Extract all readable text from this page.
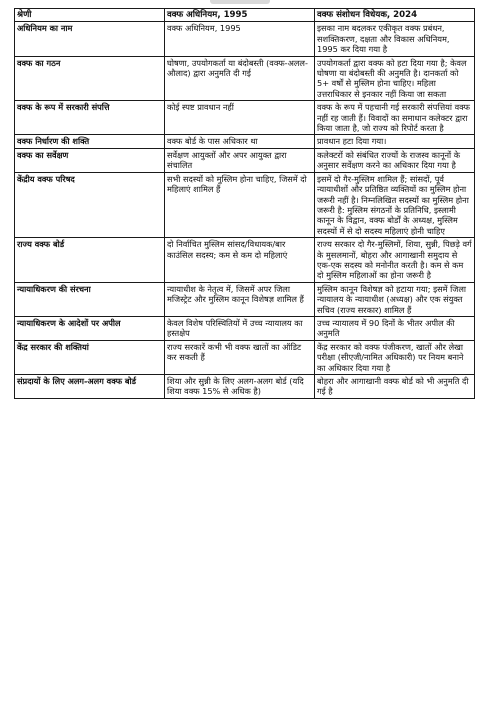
श्रेणी	वक्फ अधिनियम, 1995	वक्फ संशोधन विधेयक, 2024
अधिनियम का नाम	वक्फ अधिनियम, 1995	इसका नाम बदलकर एकीकृत वक्फ प्रबंधन, सशक्तिकरण, दक्षता और विकास अधिनियम, 1995 कर दिया गया है
वक्फ का गठन	घोषणा, उपयोगकर्ता या बंदोबस्ती (वक्फ-अलल-औलाद) द्वारा अनुमति दी गई	उपयोगकर्ता द्वारा वक्फ को हटा दिया गया है; केवल घोषणा या बंदोबस्ती की अनुमति है। दानकर्ता को 5+ वर्षों से मुस्लिम होना चाहिए। महिला उत्तराधिकार से इनकार नहीं किया जा सकता
वक्फ के रूप में सरकारी संपत्ति	कोई स्पष्ट प्रावधान नहीं	वक्फ के रूप में पहचानी गई सरकारी संपत्तियां वक्फ नहीं रह जाती हैं। विवादों का समाधान कलेक्टर द्वारा किया जाता है, जो राज्य को रिपोर्ट करता है
वक्फ निर्धारण की शक्ति	वक्फ बोर्ड के पास अधिकार था	प्रावधान हटा दिया गया।
वक्फ का सर्वेक्षण	सर्वेक्षण आयुक्तों और अपर आयुक्त द्वारा संचालित	कलेक्टरों को संबंधित राज्यों के राजस्व कानूनों के अनुसार सर्वेक्षण करने का अधिकार दिया गया है
केंद्रीय वक्फ परिषद	सभी सदस्यों को मुस्लिम होना चाहिए, जिसमें दो महिलाएं शामिल हैं	इसमें दो गैर-मुस्लिम शामिल हैं; सांसदों, पूर्व न्यायाधीशों और प्रतिष्ठित व्यक्तियों का मुस्लिम होना जरूरी नहीं है। निम्नलिखित सदस्यों का मुस्लिम होना जरूरी है: मुस्लिम संगठनों के प्रतिनिधि, इस्लामी कानून के विद्वान, वक्फ बोर्डों के अध्यक्ष, मुस्लिम सदस्यों में से दो सदस्य महिलाएं होनी चाहिए
राज्य वक्फ बोर्ड	दो निर्वाचित मुस्लिम सांसद/विधायक/बार काउंसिल सदस्य; कम से कम दो महिलाएं	राज्य सरकार दो गैर-मुस्लिमों, शिया, सुन्नी, पिछड़े वर्ग के मुसलमानों, बोहरा और आगाखानी समुदाय से एक-एक सदस्य को मनोनीत करती है। कम से कम दो मुस्लिम महिलाओं का होना जरूरी है
न्यायाधिकरण की संरचना	न्यायाधीश के नेतृत्व में, जिसमें अपर जिला मजिस्ट्रेट और मुस्लिम कानून विशेषज्ञ शामिल हैं	मुस्लिम कानून विशेषज्ञ को हटाया गया; इसमें जिला न्यायालय के न्यायाधीश (अध्यक्ष) और एक संयुक्त सचिव (राज्य सरकार) शामिल हैं
न्यायाधिकरण के आदेशों पर अपील	केवल विशेष परिस्थितियों में उच्च न्यायालय का हस्तक्षेप	उच्च न्यायालय में 90 दिनों के भीतर अपील की अनुमति
केंद्र सरकार की शक्तियां	राज्य सरकारें कभी भी वक्फ खातों का ऑडिट कर सकती हैं	केंद्र सरकार को वक्फ पंजीकरण, खातों और लेखा परीक्षा (सीएजी/नामित अधिकारी) पर नियम बनाने का अधिकार दिया गया है
संप्रदायों के लिए अलग-अलग वक्फ बोर्ड	शिया और सुन्नी के लिए अलग-अलग बोर्ड (यदि शिया वक्फ 15% से अधिक है)	बोहरा और आगाखानी वक्फ बोर्ड को भी अनुमति दी गई है
